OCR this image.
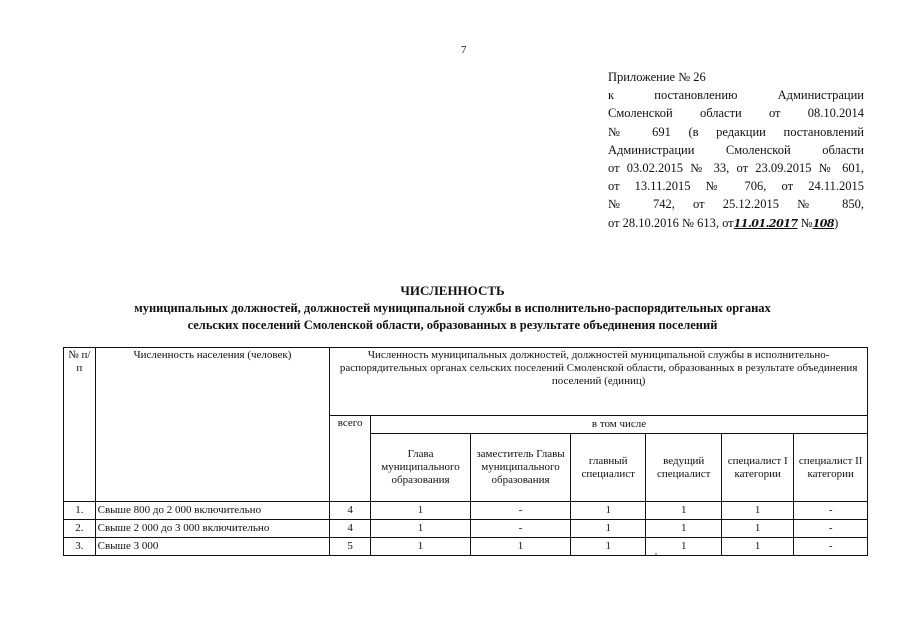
7
Приложение № 26
к постановлению Администрации
Смоленской области от 08.10.2014
№ 691 (в редакции постановлений
Администрации Смоленской области
от 03.02.2015 № 33, от 23.09.2015 № 601,
от 13.11.2015 № 706, от 24.11.2015
№ 742, от 25.12.2015 № 850,
от 28.10.2016 № 613, от11.01.2017 №108)
ЧИСЛЕННОСТЬ
муниципальных должностей, должностей муниципальной службы в исполнительно-распорядительных органах
сельских поселений Смоленской области, образованных в результате объединения поселений
№ п/п	Численность населения (человек)	Численность муниципальных должностей, должностей муниципальной службы в исполнительно-распорядительных органах сельских поселений Смоленской области, образованных в результате объединения поселений (единиц)						
		всего	в том числе					
			Глава муниципального образования	заместитель Главы муниципального образования	главный специалист	ведущий специалист	специалист I категории	специалист II категории
1.	Свыше 800 до 2 000 включительно	4	1	-	1	1	1	-
2.	Свыше 2 000 до 3 000 включительно	4	1	-	1	1	1	-
3.	Свыше 3 000	5	1	1	1	1	1	-
